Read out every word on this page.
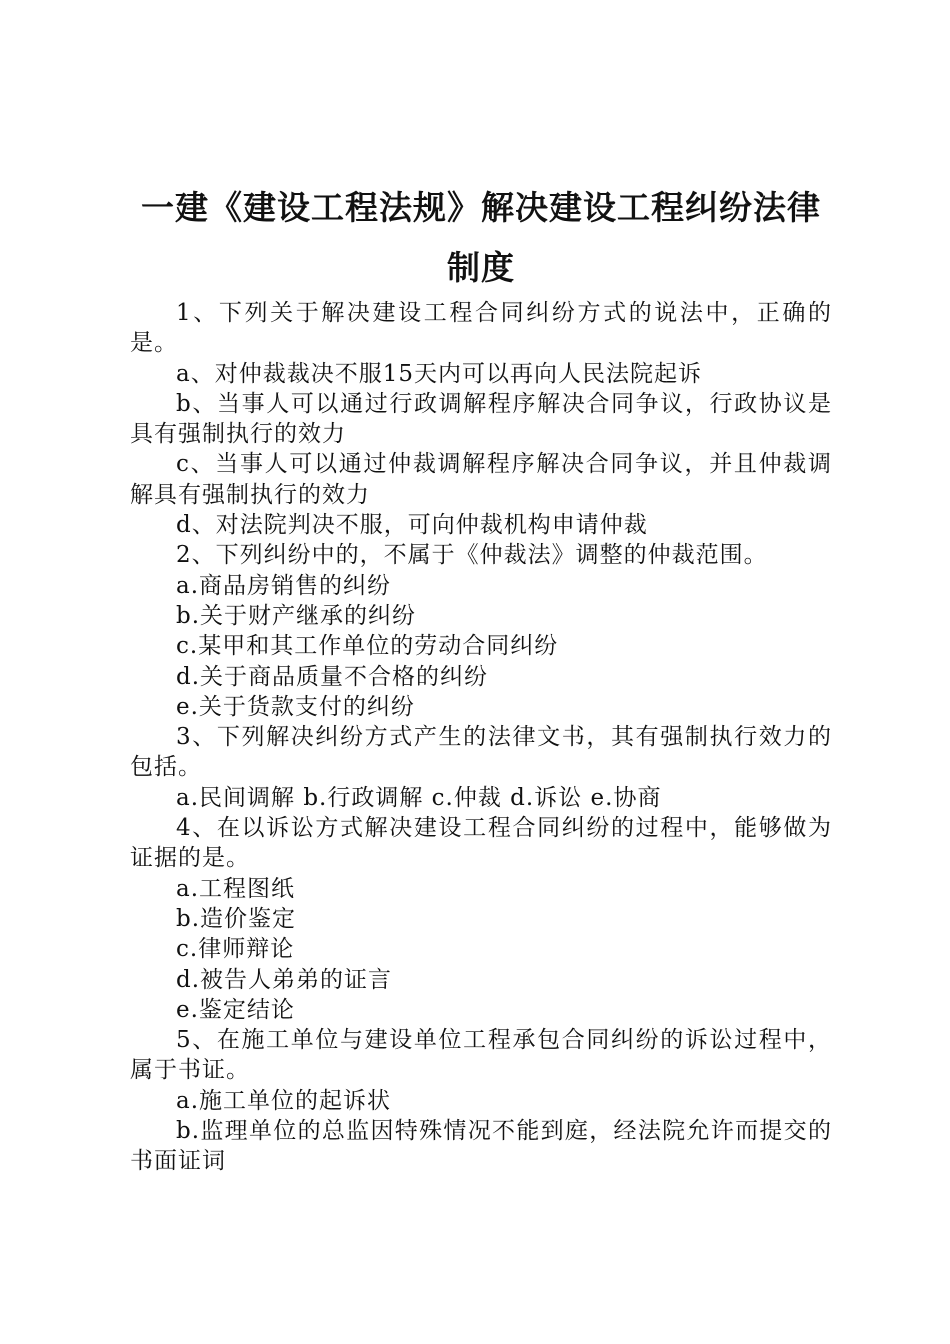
一建《建设工程法规》解决建设工程纠纷法律
制度

1、下列关于解决建设工程合同纠纷方式的说法中，正确的是。

a、对仲裁裁决不服15天内可以再向人民法院起诉

b、当事人可以通过行政调解程序解决合同争议，行政协议是具有强制执行的效力

c、当事人可以通过仲裁调解程序解决合同争议，并且仲裁调解具有强制执行的效力

d、对法院判决不服，可向仲裁机构申请仲裁

2、下列纠纷中的，不属于《仲裁法》调整的仲裁范围。

a.商品房销售的纠纷

b.关于财产继承的纠纷

c.某甲和其工作单位的劳动合同纠纷

d.关于商品质量不合格的纠纷

e.关于货款支付的纠纷

3、下列解决纠纷方式产生的法律文书，其有强制执行效力的包括。

a.民间调解 b.行政调解 c.仲裁 d.诉讼 e.协商

4、在以诉讼方式解决建设工程合同纠纷的过程中，能够做为证据的是。

a.工程图纸

b.造价鉴定

c.律师辩论

d.被告人弟弟的证言

e.鉴定结论

5、在施工单位与建设单位工程承包合同纠纷的诉讼过程中，属于书证。

a.施工单位的起诉状

b.监理单位的总监因特殊情况不能到庭，经法院允许而提交的书面证词
